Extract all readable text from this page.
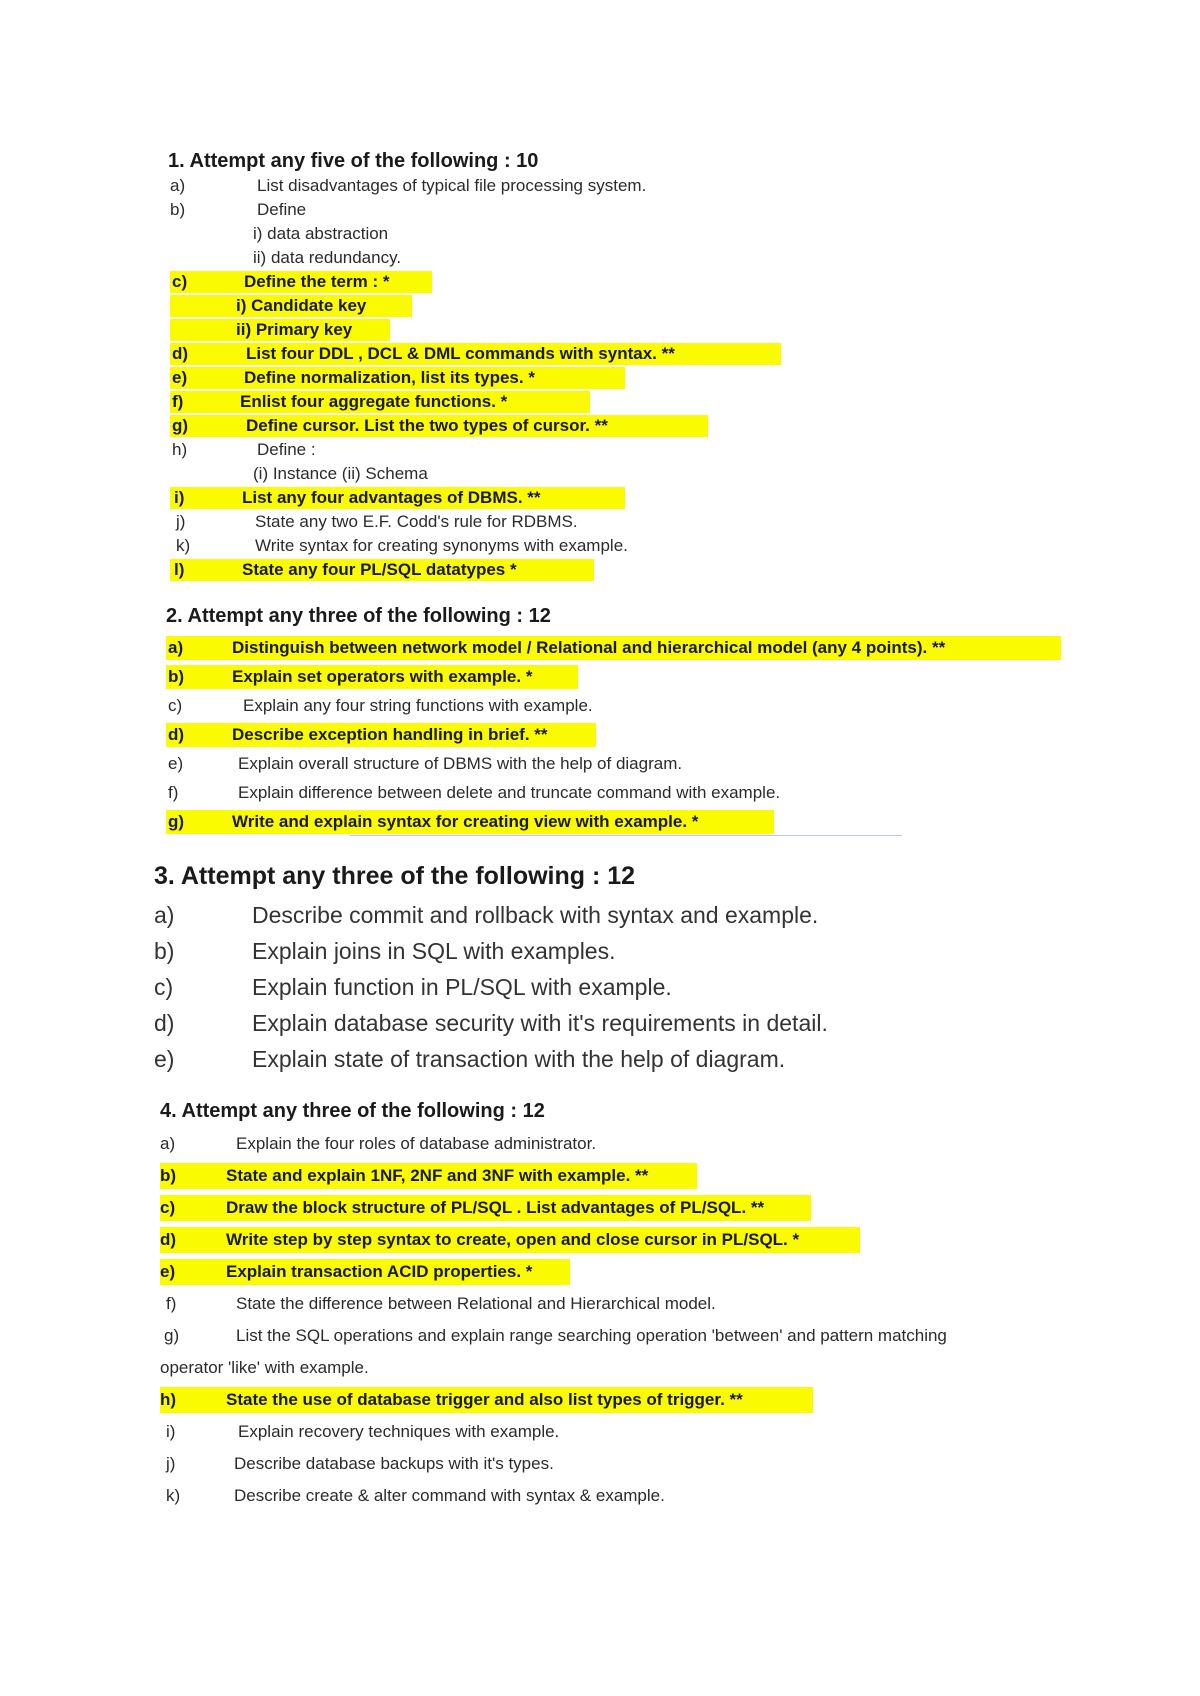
1. Attempt any five of the following : 10
a)	List disadvantages of typical file processing system.
b)	Define
i) data abstraction
ii) data redundancy.
c)	Define the term : *
i) Candidate key
ii) Primary key
d)	List four DDL , DCL & DML commands with syntax. **
e)	Define normalization, list its types. *
f)	Enlist four aggregate functions. *
g)	Define cursor. List the two types of cursor. **
h)	Define :
(i) Instance (ii) Schema
i)	List any four advantages of DBMS. **
j)	State any two E.F. Codd's rule for RDBMS.
k)	Write syntax for creating synonyms with example.
l)	State any four PL/SQL datatypes *
2. Attempt any three of the following : 12
a)	Distinguish between network model / Relational and hierarchical model (any 4 points). **
b)	Explain set operators with example. *
c)	Explain any four string functions with example.
d)	Describe exception handling in brief. **
e)	Explain overall structure of DBMS with the help of diagram.
f)	Explain difference between delete and truncate command with example.
g)	Write and explain syntax for creating view with example. *
3. Attempt any three of the following : 12
a)	Describe commit and rollback with syntax and example.
b)	Explain joins in SQL with examples.
c)	Explain function in PL/SQL with example.
d)	Explain database security with it's requirements in detail.
e)	Explain state of transaction with the help of diagram.
4. Attempt any three of the following : 12
a)	Explain the four roles of database administrator.
b)	State and explain 1NF, 2NF and 3NF with example. **
c)	Draw the block structure of PL/SQL . List advantages of PL/SQL. **
d)	Write step by step syntax to create, open and close cursor in PL/SQL. *
e)	Explain transaction ACID properties. *
f)	State the difference between Relational and Hierarchical model.
g)	List the SQL operations and explain range searching operation 'between' and pattern matching
operator 'like' with example.
h)	State the use of database trigger and also list types of trigger. **
i)	Explain recovery techniques with example.
j)	Describe database backups with it's types.
k)	Describe create & alter command with syntax & example.
